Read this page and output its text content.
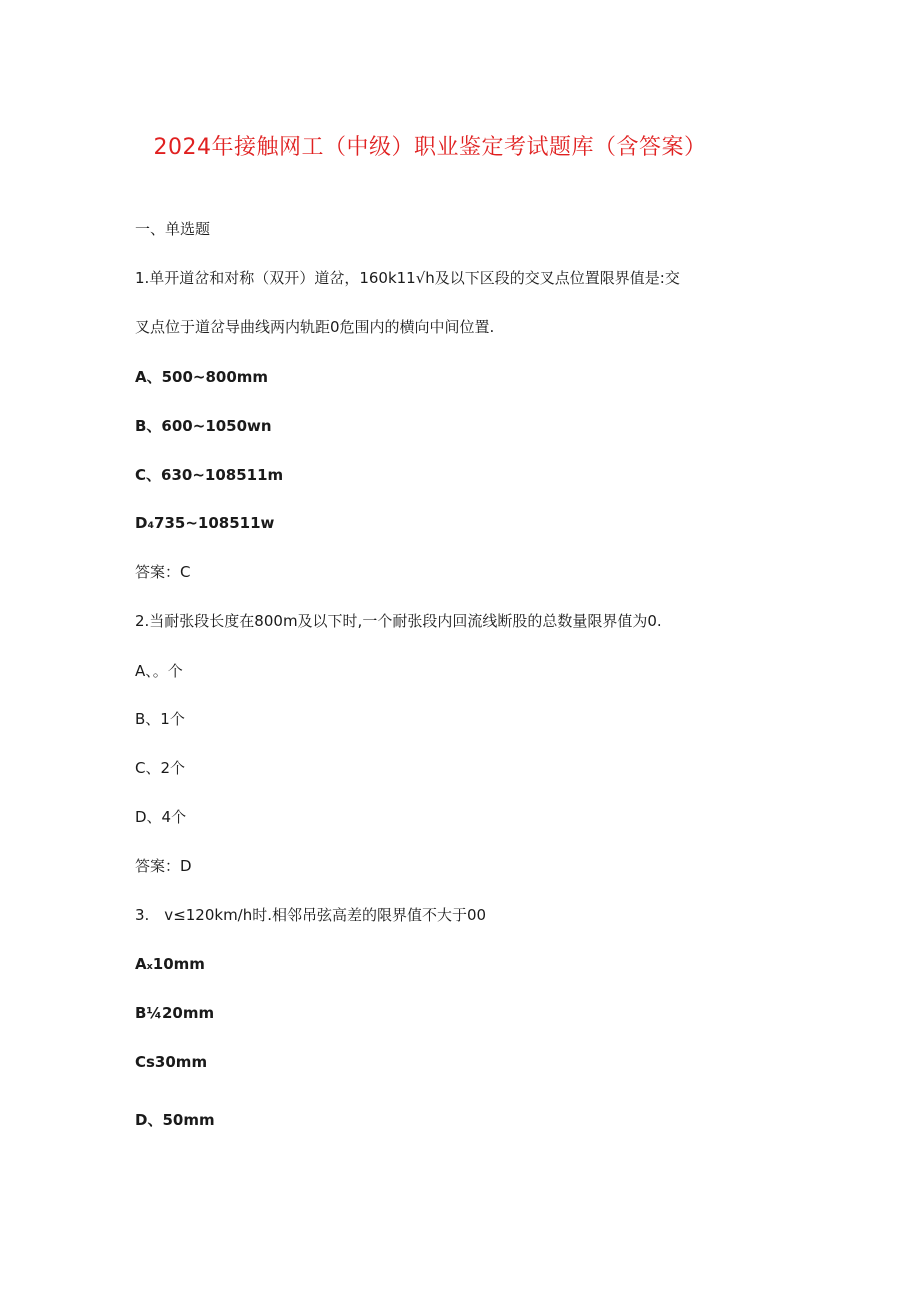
2024年接触网工（中级）职业鉴定考试题库（含答案）
一、单选题
1.单开道岔和对称（双开）道岔，160k11√h及以下区段的交叉点位置限界值是:交
叉点位于道岔导曲线两内轨距0危围内的横向中间位置.
A、500~800mm
B、600~1050wn
C、630~108511m
D₄735~108511w
答案：C
2.当耐张段长度在800m及以下时,一个耐张段内回流线断股的总数量限界值为0.
A、。个
B、1个
C、2个
D、4个
答案：D
3.　v≤120km∕h时.相邻吊弦高差的限界值不大于00
Aₓ10mm
B¼20mm
Cs30mm
D、50mm
